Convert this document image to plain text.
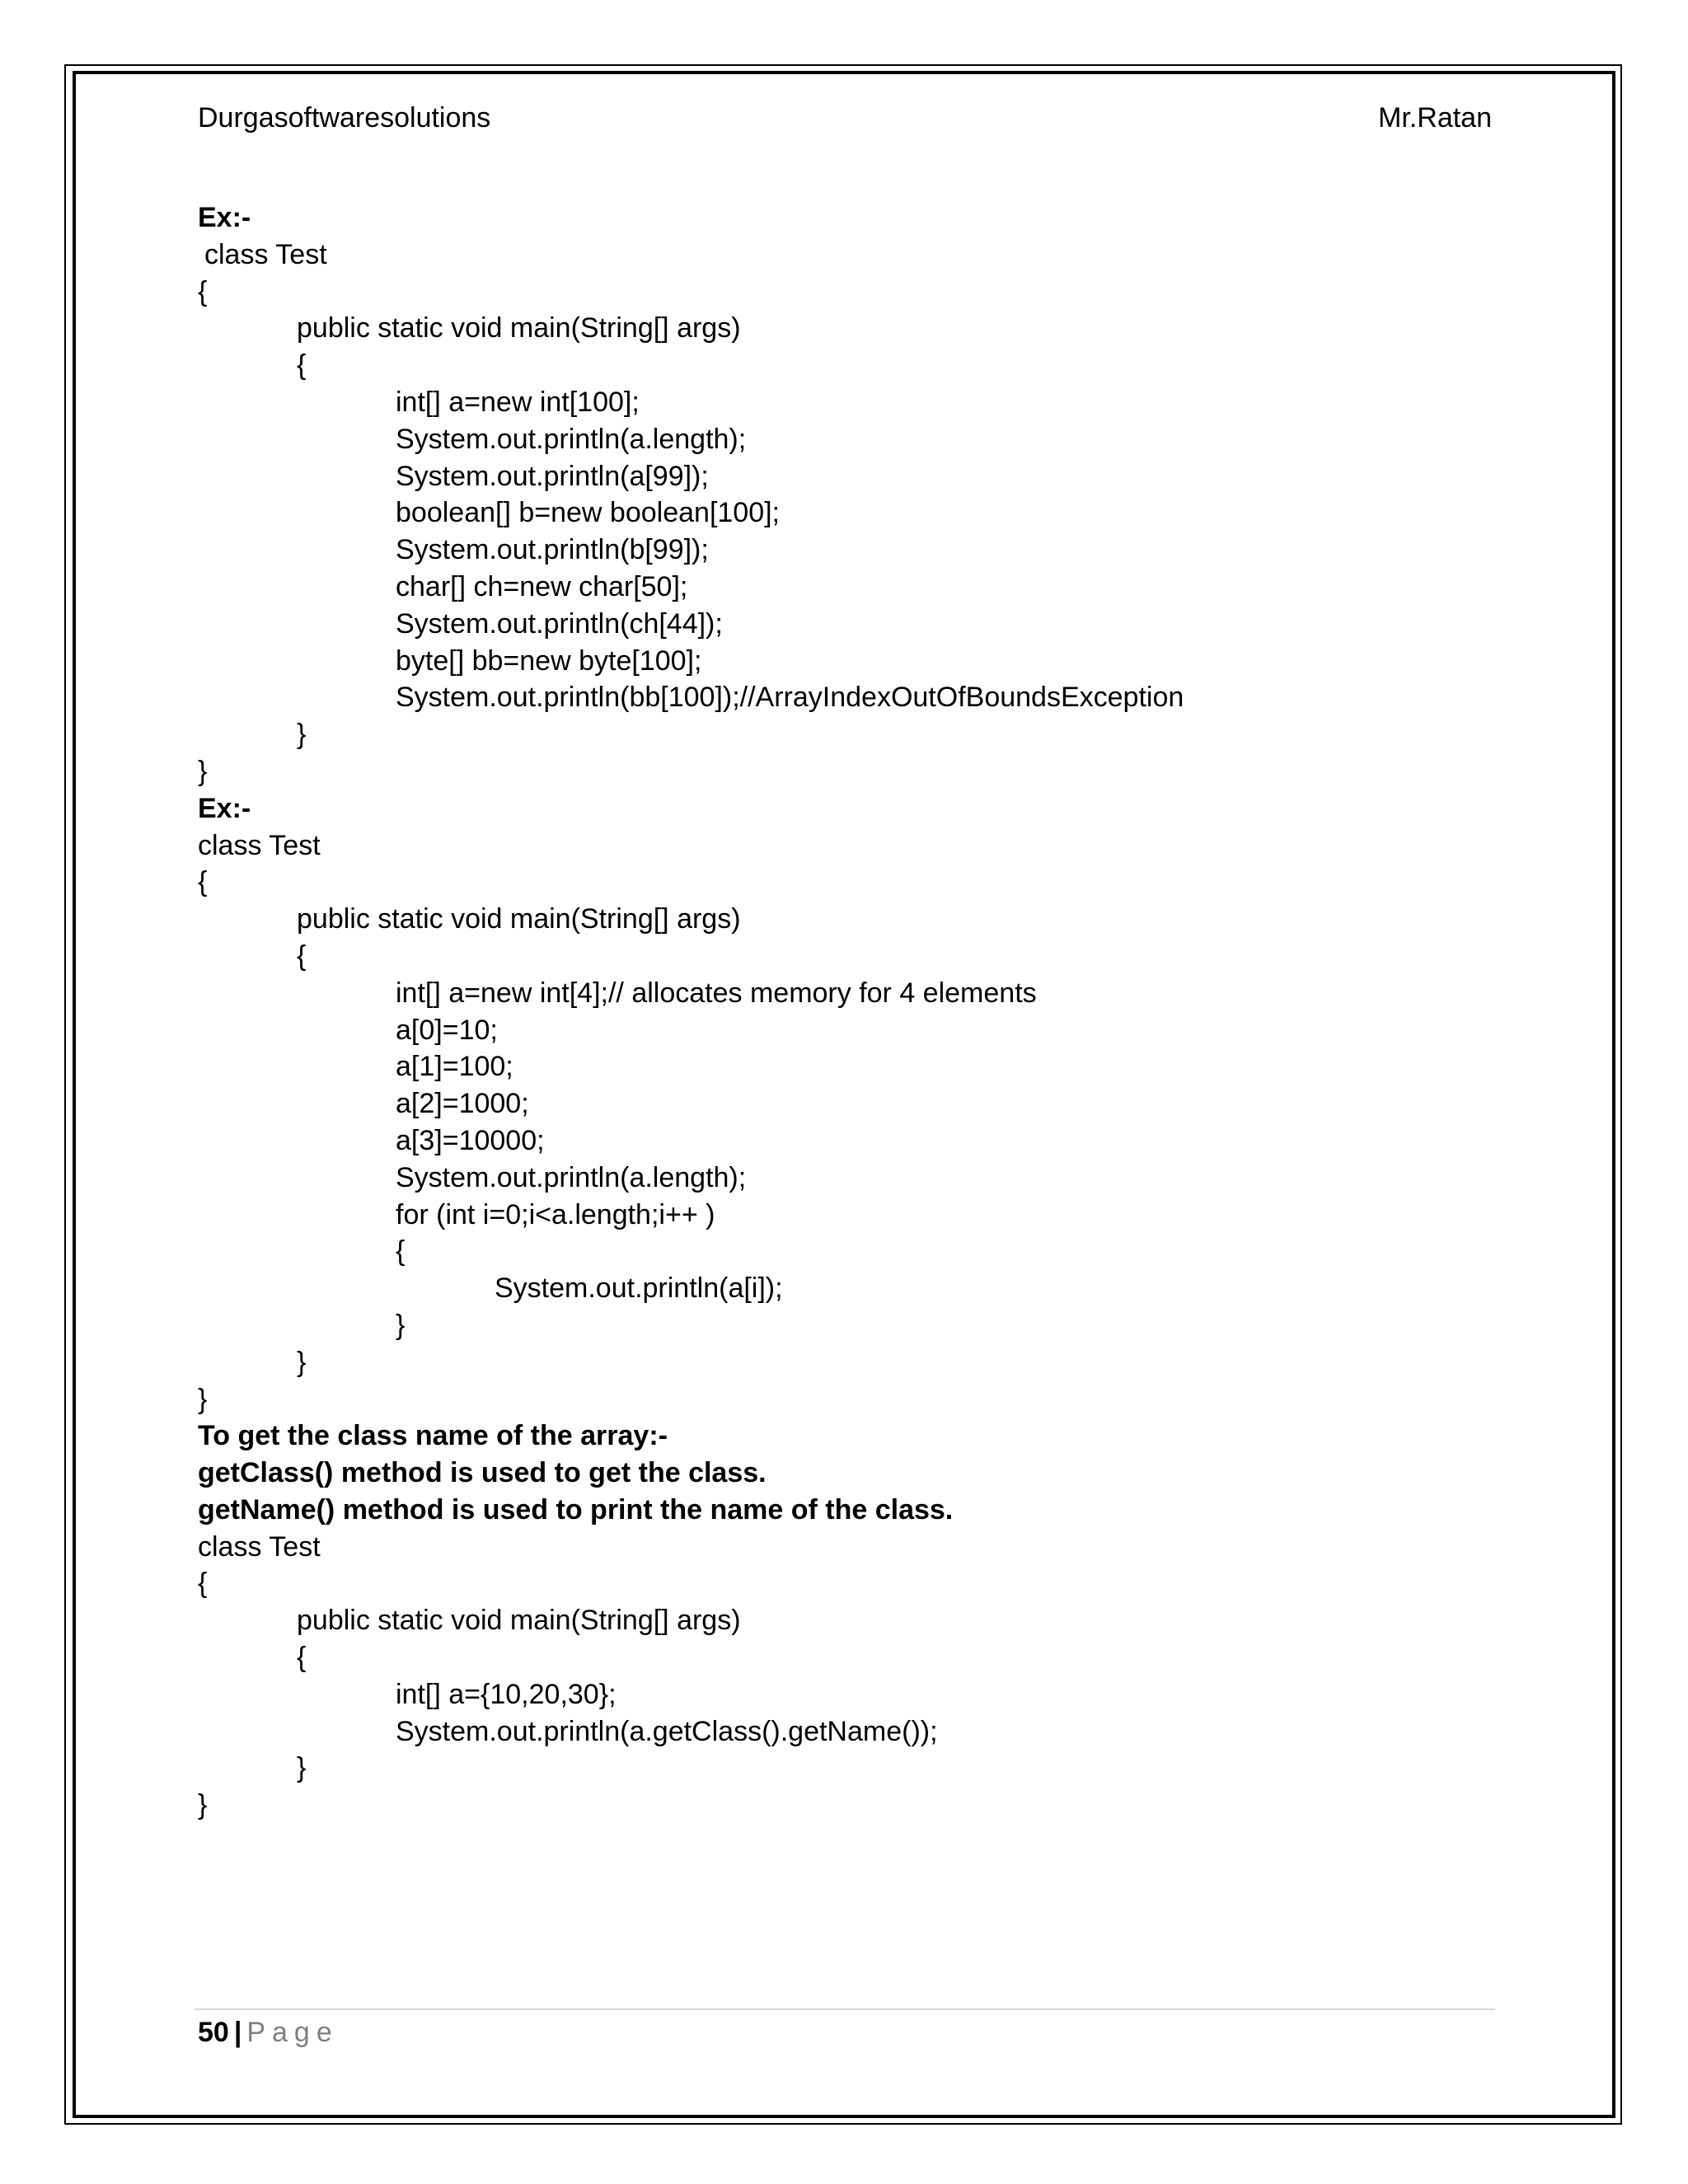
Durgasoftwaresolutions	Mr.Ratan
Ex:-
class Test
{
public static void main(String[] args)
{
int[] a=new int[100];
System.out.println(a.length);
System.out.println(a[99]);
boolean[] b=new boolean[100];
System.out.println(b[99]);
char[] ch=new char[50];
System.out.println(ch[44]);
byte[] bb=new byte[100];
System.out.println(bb[100]);//ArrayIndexOutOfBoundsException
}
}
Ex:-
class Test
{
public static void main(String[] args)
{
int[] a=new int[4];// allocates memory for 4 elements
a[0]=10;
a[1]=100;
a[2]=1000;
a[3]=10000;
System.out.println(a.length);
for (int i=0;i<a.length;i++ )
{
System.out.println(a[i]);
}
}
}
To get the class name of the array:-
getClass() method is used to get the class.
getName() method is used to print the name of the class.
class Test
{
public static void main(String[] args)
{
int[] a={10,20,30};
System.out.println(a.getClass().getName());
}
}
50 | Page
